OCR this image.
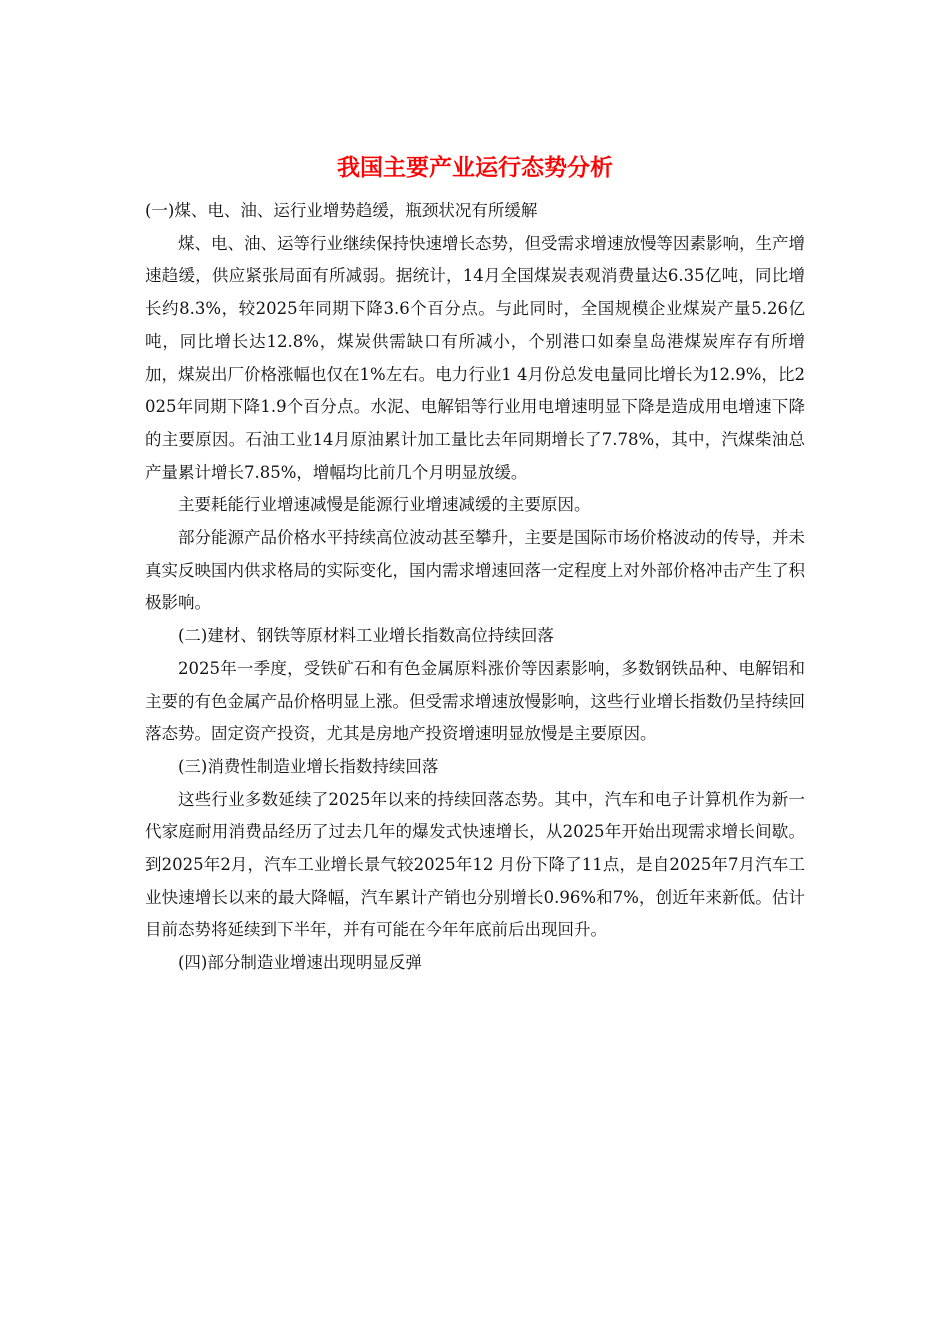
我国主要产业运行态势分析

(一)煤、电、油、运行业增势趋缓，瓶颈状况有所缓解

煤、电、油、运等行业继续保持快速增长态势，但受需求增速放慢等因素影响，生产增速趋缓，供应紧张局面有所减弱。据统计，14月全国煤炭表观消费量达6.35亿吨，同比增长约8.3%，较2025年同期下降3.6个百分点。与此同时，全国规模企业煤炭产量5.26亿吨，同比增长达12.8%，煤炭供需缺口有所减小，个别港口如秦皇岛港煤炭库存有所增加，煤炭出厂价格涨幅也仅在1%左右。电力行业1 4月份总发电量同比增长为12.9%，比2025年同期下降1.9个百分点。水泥、电解铝等行业用电增速明显下降是造成用电增速下降的主要原因。石油工业14月原油累计加工量比去年同期增长了7.78%，其中，汽煤柴油总产量累计增长7.85%，增幅均比前几个月明显放缓。

主要耗能行业增速减慢是能源行业增速减缓的主要原因。

部分能源产品价格水平持续高位波动甚至攀升，主要是国际市场价格波动的传导，并未真实反映国内供求格局的实际变化，国内需求增速回落一定程度上对外部价格冲击产生了积极影响。

(二)建材、钢铁等原材料工业增长指数高位持续回落

2025年一季度，受铁矿石和有色金属原料涨价等因素影响，多数钢铁品种、电解铝和主要的有色金属产品价格明显上涨。但受需求增速放慢影响，这些行业增长指数仍呈持续回落态势。固定资产投资，尤其是房地产投资增速明显放慢是主要原因。

(三)消费性制造业增长指数持续回落

这些行业多数延续了2025年以来的持续回落态势。其中，汽车和电子计算机作为新一代家庭耐用消费品经历了过去几年的爆发式快速增长，从2025年开始出现需求增长间歇。到2025年2月，汽车工业增长景气较2025年12 月份下降了11点，是自2025年7月汽车工业快速增长以来的最大降幅，汽车累计产销也分别增长0.96%和7%，创近年来新低。估计目前态势将延续到下半年，并有可能在今年年底前后出现回升。

(四)部分制造业增速出现明显反弹
